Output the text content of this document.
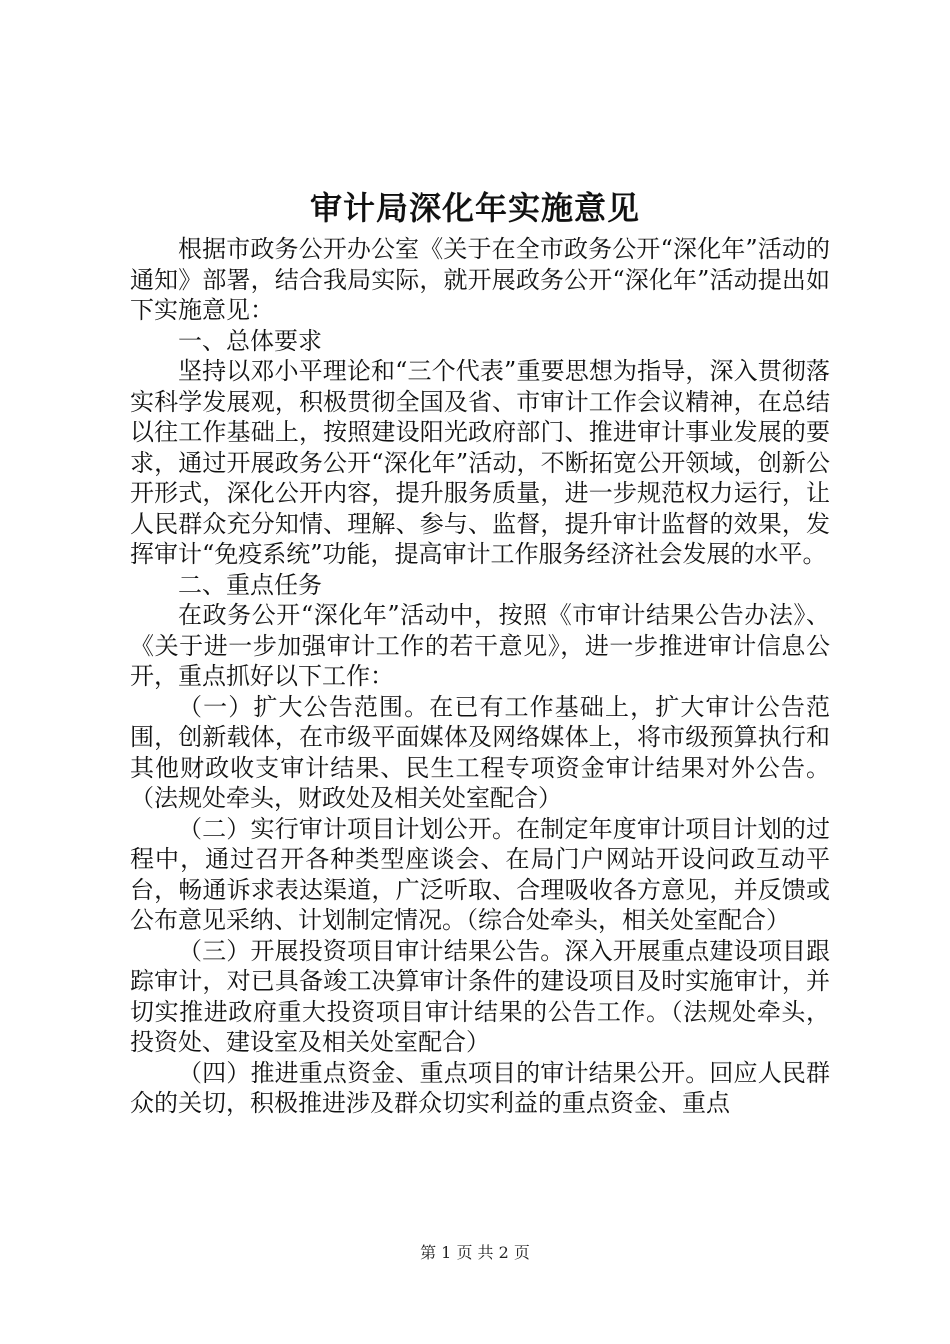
审计局深化年实施意见

根据市政务公开办公室《关于在全市政务公开“深化年”活动的通知》部署，结合我局实际，就开展政务公开“深化年”活动提出如下实施意见：

一、总体要求

坚持以邓小平理论和“三个代表”重要思想为指导，深入贯彻落实科学发展观，积极贯彻全国及省、市审计工作会议精神，在总结以往工作基础上，按照建设阳光政府部门、推进审计事业发展的要求，通过开展政务公开“深化年”活动，不断拓宽公开领域，创新公开形式，深化公开内容，提升服务质量，进一步规范权力运行，让人民群众充分知情、理解、参与、监督，提升审计监督的效果，发挥审计“免疫系统”功能，提高审计工作服务经济社会发展的水平。

二、重点任务

在政务公开“深化年”活动中，按照《市审计结果公告办法》、《关于进一步加强审计工作的若干意见》，进一步推进审计信息公开，重点抓好以下工作：

（一）扩大公告范围。在已有工作基础上，扩大审计公告范围，创新载体，在市级平面媒体及网络媒体上，将市级预算执行和其他财政收支审计结果、民生工程专项资金审计结果对外公告。（法规处牵头，财政处及相关处室配合）

（二）实行审计项目计划公开。在制定年度审计项目计划的过程中，通过召开各种类型座谈会、在局门户网站开设问政互动平台，畅通诉求表达渠道，广泛听取、合理吸收各方意见，并反馈或公布意见采纳、计划制定情况。（综合处牵头，相关处室配合）

（三）开展投资项目审计结果公告。深入开展重点建设项目跟踪审计，对已具备竣工决算审计条件的建设项目及时实施审计，并切实推进政府重大投资项目审计结果的公告工作。（法规处牵头，投资处、建设室及相关处室配合）

（四）推进重点资金、重点项目的审计结果公开。回应人民群众的关切，积极推进涉及群众切实利益的重点资金、重点

第 1 页 共 2 页
